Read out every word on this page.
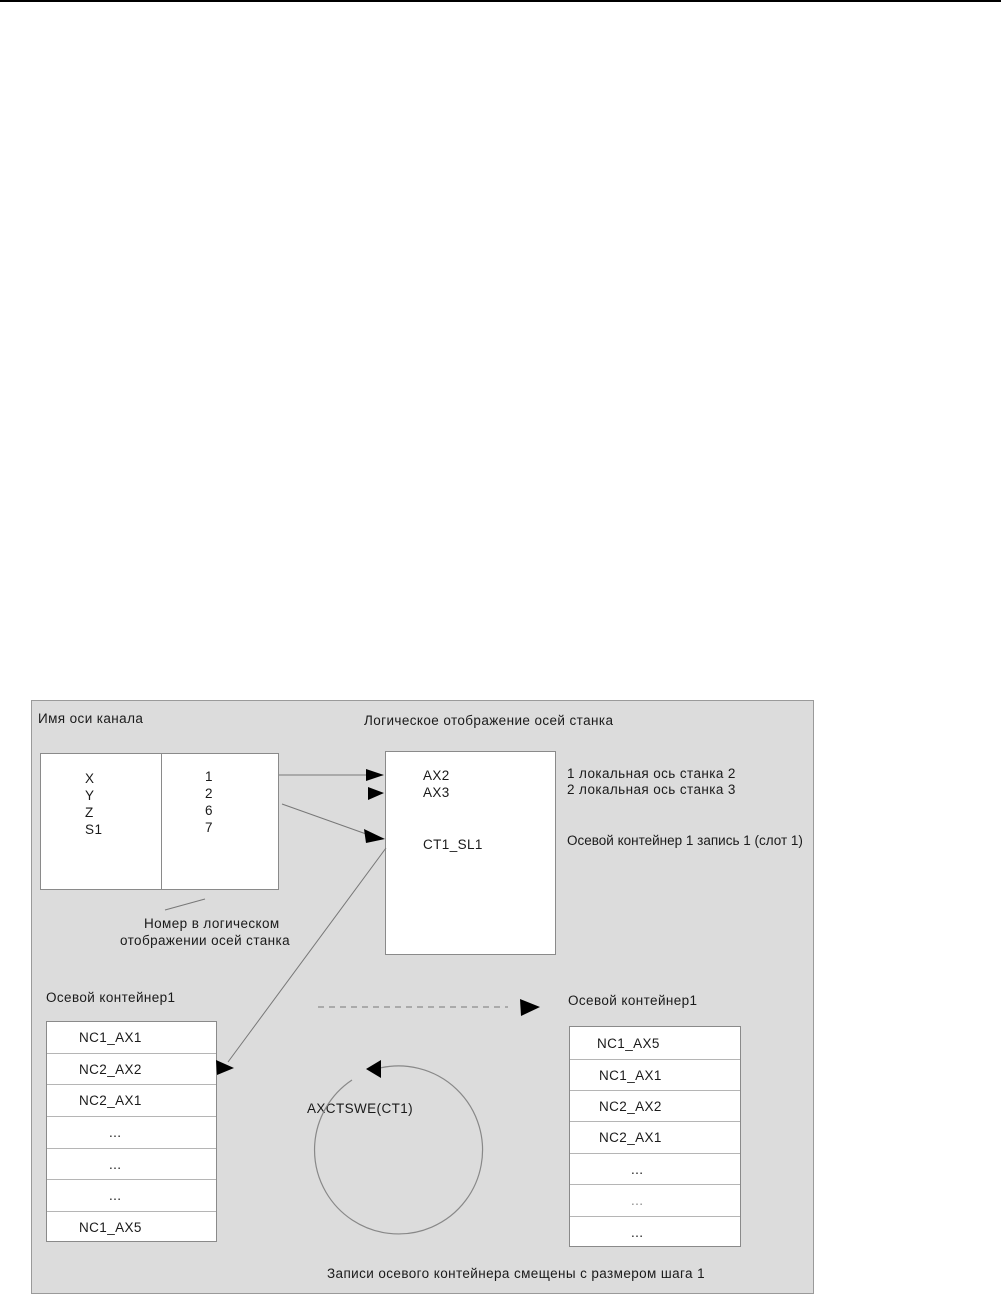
Имя оси канала	Логическое отображение осей станка
X
Y
Z
S1
1
2
6
7
Номер в логическом
отображении осей станка
AX2
AX3
CT1_SL1
1 локальная ось станка 2
2 локальная ось станка 3
Осевой контейнер 1 запись 1 (слот 1)
Осевой контейнер1
NC1_AX1
NC2_AX2
NC2_AX1
...
...
...
NC1_AX5
Осевой контейнер1
NC1_AX5
NC1_AX1
NC2_AX2
NC2_AX1
...
...
...
AXCTSWE(CT1)
Записи осевого контейнера смещены с размером шага 1
